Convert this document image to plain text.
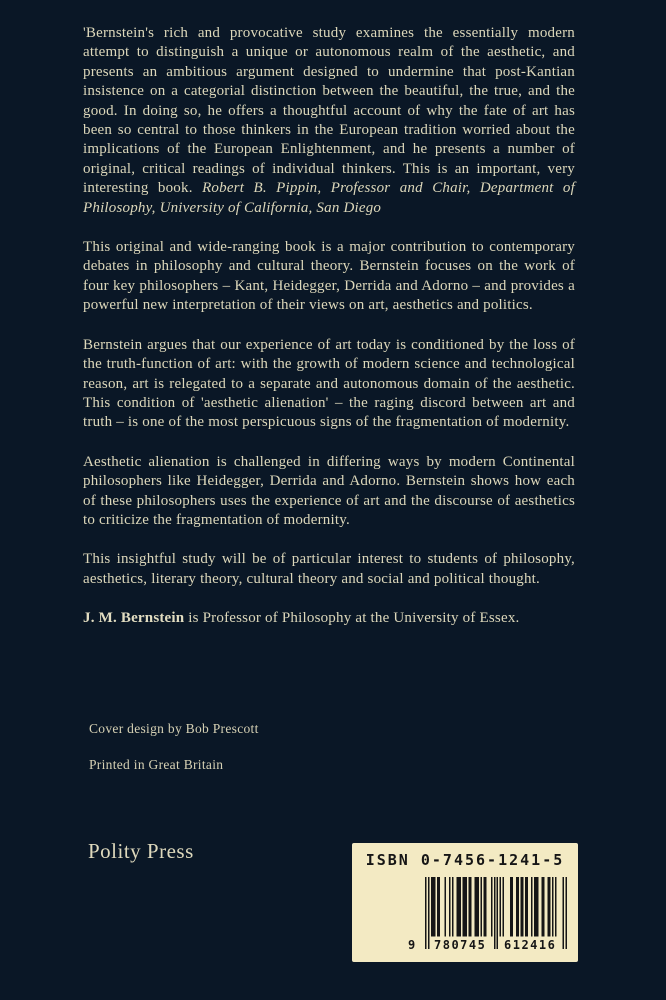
'Bernstein's rich and provocative study examines the essentially modern attempt to distinguish a unique or autonomous realm of the aesthetic, and presents an ambitious argument designed to undermine that post-Kantian insistence on a categorial distinction between the beautiful, the true, and the good. In doing so, he offers a thoughtful account of why the fate of art has been so central to those thinkers in the European tradition worried about the implications of the European Enlightenment, and he presents a number of original, critical readings of individual thinkers. This is an important, very interesting book. Robert B. Pippin, Professor and Chair, Department of Philosophy, University of California, San Diego

This original and wide-ranging book is a major contribution to contemporary debates in philosophy and cultural theory. Bernstein focuses on the work of four key philosophers – Kant, Heidegger, Derrida and Adorno – and provides a powerful new interpretation of their views on art, aesthetics and politics.

Bernstein argues that our experience of art today is conditioned by the loss of the truth-function of art: with the growth of modern science and technological reason, art is relegated to a separate and autonomous domain of the aesthetic. This condition of 'aesthetic alienation' – the raging discord between art and truth – is one of the most perspicuous signs of the fragmentation of modernity.

Aesthetic alienation is challenged in differing ways by modern Continental philosophers like Heidegger, Derrida and Adorno. Bernstein shows how each of these philosophers uses the experience of art and the discourse of aesthetics to criticize the fragmentation of modernity.

This insightful study will be of particular interest to students of philosophy, aesthetics, literary theory, cultural theory and social and political thought.

J. M. Bernstein is Professor of Philosophy at the University of Essex.

Cover design by Bob Prescott

Printed in Great Britain

Polity Press	ISBN 0-7456-1241-5
9 780745 612416
